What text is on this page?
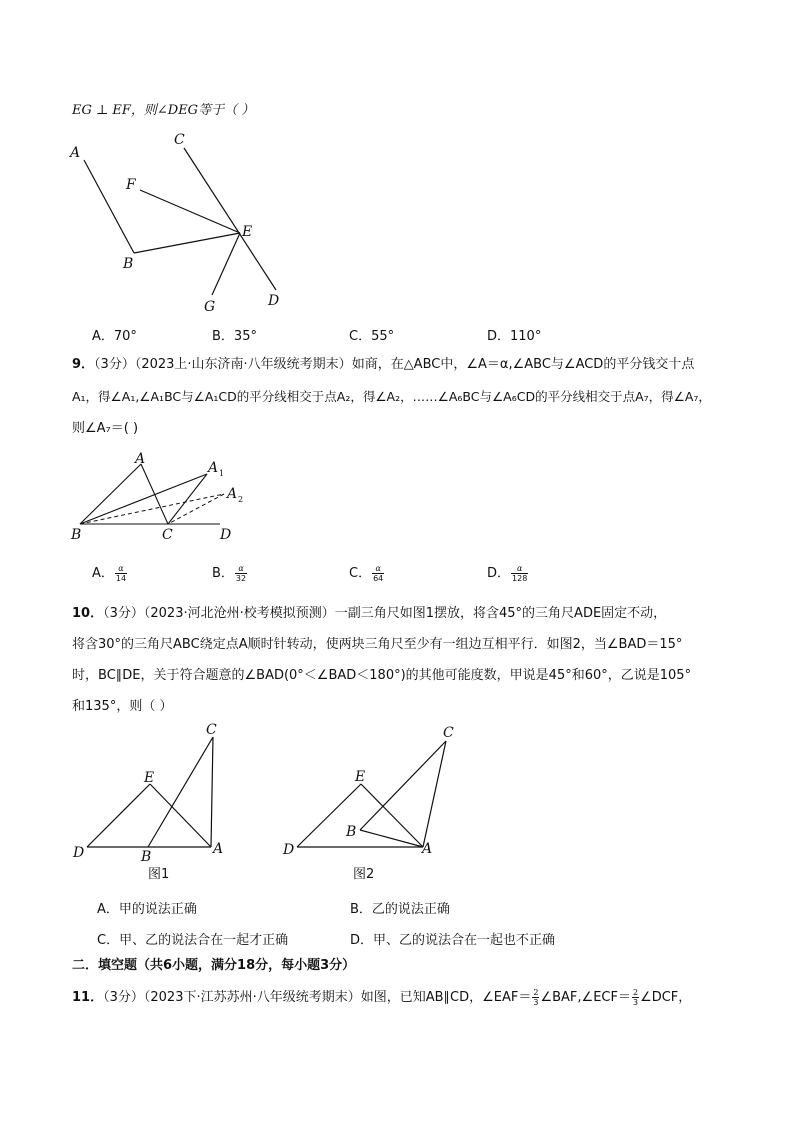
EG ⊥ EF，则∠DEG等于（ ）
A
C
F
E
B
G	D
A．70°	B．35°	C．55°	D．110°
9．（3分）（2023上·山东济南·八年级统考期末）如商，在△ABC中，∠A＝α,∠ABC与∠ACD的平分钱交十点
A₁，得∠A₁,∠A₁BC与∠A₁CD的平分线相交于点A₂，得∠A₂，……∠A₆BC与∠A₆CD的平分线相交于点A₇，得∠A₇，
则∠A₇＝( )
A
A 1
A 2
B	C	D
A． $\frac{\alpha}{14}$	B． $\frac{\alpha}{32}$	C． $\frac{\alpha}{64}$	D． $\frac{\alpha}{128}$
10．（3分）（2023·河北沧州·校考模拟预测）一副三角尺如图1摆放，将含45°的三角尺ADE固定不动，
将含30°的三角尺ABC绕定点A顺时针转动，使两块三角尺至少有一组边互相平行．如图2，当∠BAD＝15°
时，BC∥DE，关于符合题意的∠BAD(0°＜∠BAD＜180°)的其他可能度数，甲说是45°和60°，乙说是105°
和135°，则（ ）
C
E
D	B	A
图1
C
E
D
B
A
图2
A．甲的说法正确	B．乙的说法正确
C．甲、乙的说法合在一起才正确	D．甲、乙的说法合在一起也不正确
二．填空题（共6小题，满分18分，每小题3分）
11．（3分）（2023下·江苏苏州·八年级统考期末）如图，已知AB∥CD，∠EAF＝ $\frac{2}{3}$ ∠BAF,∠ECF＝ $\frac{2}{3}$ ∠DCF，
